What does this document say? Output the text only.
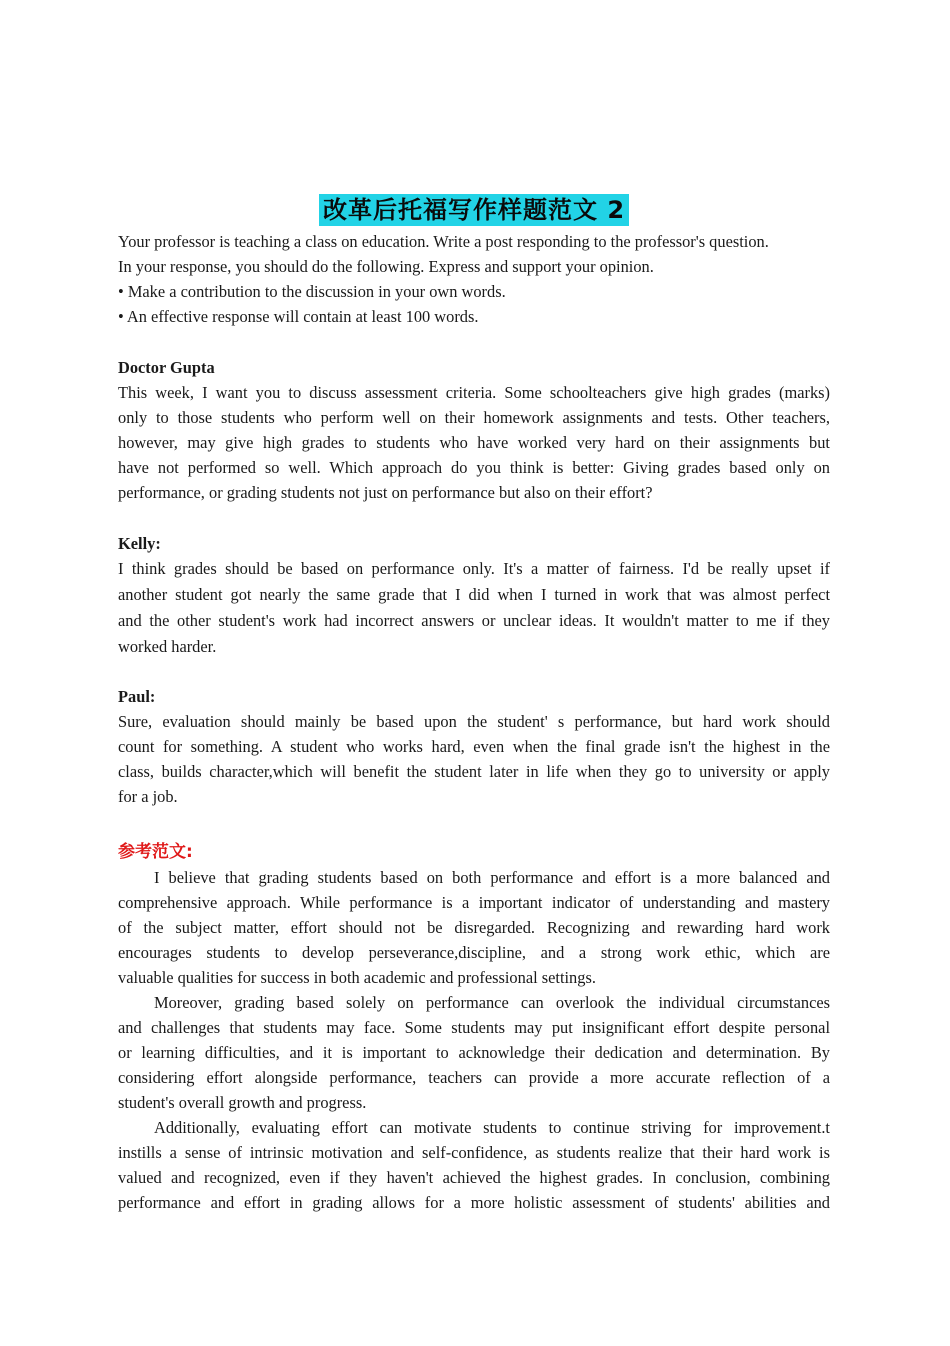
改革后托福写作样题范文 2
Your professor is teaching a class on education. Write a post responding to the professor's question.
In your response, you should do the following. Express and support your opinion.
• Make a contribution to the discussion in your own words.
• An effective response will contain at least 100 words.
Doctor Gupta
This week, I want you to discuss assessment criteria. Some schoolteachers give high grades (marks)
only to those students who perform well on their homework assignments and tests. Other teachers,
however, may give high grades to students who have worked very hard on their assignments but
have not performed so well. Which approach do you think is better: Giving grades based only on
performance, or grading students not just on performance but also on their effort?
Kelly:
I think grades should be based on performance only. It's a matter of fairness. I'd be really upset if
another student got nearly the same grade that I did when I turned in work that was almost perfect
and the other student's work had incorrect answers or unclear ideas. It wouldn't matter to me if they
worked harder.
Paul:
Sure, evaluation should mainly be based upon the student' s performance, but hard work should
count for something. A student who works hard, even when the final grade isn't the highest in the
class, builds character,which will benefit the student later in life when they go to university or apply
for a job.
参考范文:
I believe that grading students based on both performance and effort is a more balanced and
comprehensive approach. While performance is a important indicator of understanding and mastery
of the subject matter, effort should not be disregarded. Recognizing and rewarding hard work
encourages students to develop perseverance,discipline, and a strong work ethic, which are
valuable qualities for success in both academic and professional settings.
Moreover, grading based solely on performance can overlook the individual circumstances
and challenges that students may face. Some students may put insignificant effort despite personal
or learning difficulties, and it is important to acknowledge their dedication and determination. By
considering effort alongside performance, teachers can provide a more accurate reflection of a
student's overall growth and progress.
Additionally, evaluating effort can motivate students to continue striving for improvement.t
instills a sense of intrinsic motivation and self-confidence, as students realize that their hard work is
valued and recognized, even if they haven't achieved the highest grades. In conclusion, combining
performance and effort in grading allows for a more holistic assessment of students' abilities and
